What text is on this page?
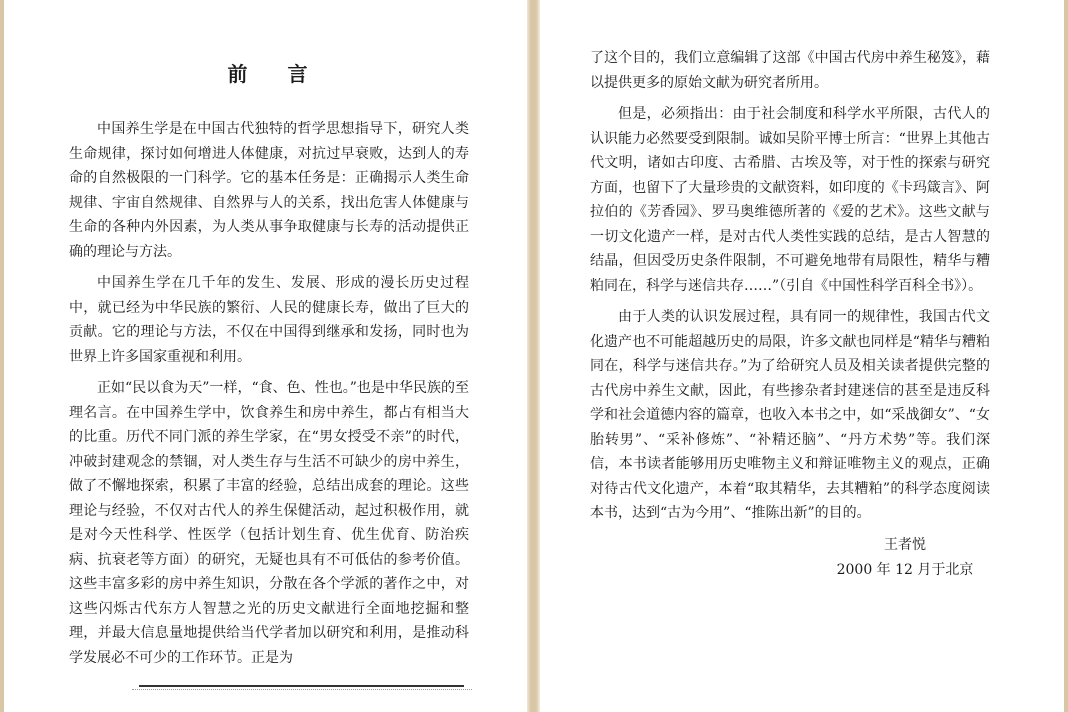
前　　言

中国养生学是在中国古代独特的哲学思想指导下，研究人类生命规律，探讨如何增进人体健康，对抗过早衰败，达到人的寿命的自然极限的一门科学。它的基本任务是：正确揭示人类生命规律、宇宙自然规律、自然界与人的关系，找出危害人体健康与生命的各种内外因素，为人类从事争取健康与长寿的活动提供正确的理论与方法。

中国养生学在几千年的发生、发展、形成的漫长历史过程中，就已经为中华民族的繁衍、人民的健康长寿，做出了巨大的贡献。它的理论与方法，不仅在中国得到继承和发扬，同时也为世界上许多国家重视和利用。

正如“民以食为天”一样，“食、色、性也。”也是中华民族的至理名言。在中国养生学中，饮食养生和房中养生，都占有相当大的比重。历代不同门派的养生学家，在“男女授受不亲”的时代，冲破封建观念的禁锢，对人类生存与生活不可缺少的房中养生，做了不懈地探索，积累了丰富的经验，总结出成套的理论。这些理论与经验，不仅对古代人的养生保健活动，起过积极作用，就是对今天性科学、性医学（包括计划生育、优生优育、防治疾病、抗衰老等方面）的研究，无疑也具有不可低估的参考价值。这些丰富多彩的房中养生知识，分散在各个学派的著作之中，对这些闪烁古代东方人智慧之光的历史文献进行全面地挖掘和整理，并最大信息量地提供给当代学者加以研究和利用，是推动科学发展必不可少的工作环节。正是为

了这个目的，我们立意编辑了这部《中国古代房中养生秘笈》，藉以提供更多的原始文献为研究者所用。

但是，必须指出：由于社会制度和科学水平所限，古代人的认识能力必然要受到限制。诚如吴阶平博士所言：“世界上其他古代文明，诸如古印度、古希腊、古埃及等，对于性的探索与研究方面，也留下了大量珍贵的文献资料，如印度的《卡玛箴言》、阿拉伯的《芳香园》、罗马奥维德所著的《爱的艺术》。这些文献与一切文化遗产一样，是对古代人类性实践的总结，是古人智慧的结晶，但因受历史条件限制，不可避免地带有局限性，精华与糟粕同在，科学与迷信共存……”（引自《中国性科学百科全书》）。

由于人类的认识发展过程，具有同一的规律性，我国古代文化遗产也不可能超越历史的局限，许多文献也同样是“精华与糟粕同在，科学与迷信共存。”为了给研究人员及相关读者提供完整的古代房中养生文献，因此，有些掺杂者封建迷信的甚至是违反科学和社会道德内容的篇章，也收入本书之中，如“采战御女”、“女胎转男”、“采补修炼”、“补精还脑”、“丹方术势”等。我们深信，本书读者能够用历史唯物主义和辩证唯物主义的观点，正确对待古代文化遗产，本着“取其精华，去其糟粕”的科学态度阅读本书，达到“古为今用”、“推陈出新”的目的。

王者悦
2000 年 12 月于北京
